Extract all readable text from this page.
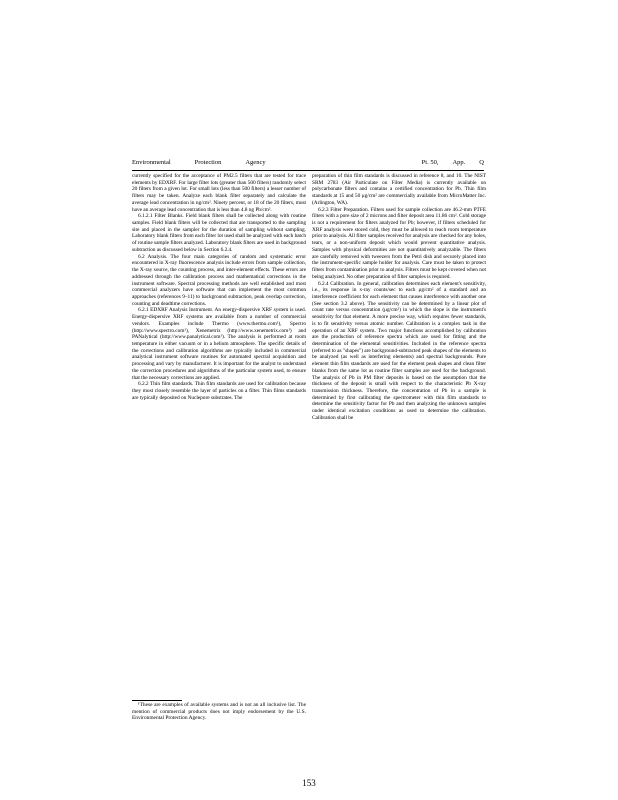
Environmental	Protection	Agency	Pt. 50, App. Q

currently specified for the acceptance of PM2.5 filters that are tested for trace elements by EDXRF. For large filter lots (greater than 500 filters) randomly select 20 filters from a given lot. For small lots (less than 500 filters) a lesser number of filters may be taken. Analyze each blank filter separately and calculate the average lead concentration in ng/cm². Ninety percent, or 18 of the 20 filters, must have an average lead concentration that is less than 4.8 ng Pb/cm².

6.1.2.1 Filter Blanks. Field blank filters shall be collected along with routine samples. Field blank filters will be collected that are transported to the sampling site and placed in the sampler for the duration of sampling without sampling. Laboratory blank filters from each filter lot used shall be analyzed with each batch of routine sample filters analyzed. Laboratory blank filters are used in background subtraction as discussed below in Section 6.2.4.

6.2 Analysis. The four main categories of random and systematic error encountered in X-ray fluorescence analysis include errors from sample collection, the X-ray source, the counting process, and inter-element effects. These errors are addressed through the calibration process and mathematical corrections in the instrument software. Spectral processing methods are well established and most commercial analyzers have software that can implement the most common approaches (references 9–11) to background subtraction, peak overlap correction, counting and deadtime corrections.

6.2.1 EDXRF Analysis Instrument. An energy-dispersive XRF system is used. Energy-dispersive XRF systems are available from a number of commercial vendors. Examples include Thermo (www.thermo.com¹), Spectro (http://www.spectro.com¹), Xenemetrix (http://www.xenemetrix.com¹) and PANalytical (http://www.panalytical.com¹). The analysis is performed at room temperature in either vacuum or in a helium atmosphere. The specific details of the corrections and calibration algorithms are typically included in commercial analytical instrument software routines for automated spectral acquisition and processing and vary by manufacturer. It is important for the analyst to understand the correction procedures and algorithms of the particular system used, to ensure that the necessary corrections are applied.

6.2.2 Thin film standards. Thin film standards are used for calibration because they most closely resemble the layer of particles on a filter. Thin films standards are typically deposited on Nuclepore substrates. The

¹These are examples of available systems and is not an all inclusive list. The mention of commercial products does not imply endorsement by the U.S. Environmental Protection Agency.

preparation of thin film standards is discussed in reference 8, and 10. The NIST SRM 2783 (Air Particulate on Filter Media) is currently available on polycarbonate filters and contains a certified concentration for Pb. Thin film standards at 15 and 50 μg/cm² are commercially available from MicroMatter Inc. (Arlington, WA).

6.2.3 Filter Preparation. Filters used for sample collection are 46.2-mm PTFE filters with a pore size of 2 microns and filter deposit area 11.86 cm². Cold storage is not a requirement for filters analyzed for Pb; however, if filters scheduled for XRF analysis were stored cold, they must be allowed to reach room temperature prior to analysis. All filter samples received for analysis are checked for any holes, tears, or a non-uniform deposit which would prevent quantitative analysis. Samples with physical deformities are not quantitatively analyzable. The filters are carefully removed with tweezers from the Petri dish and securely placed into the instrument-specific sample holder for analysis. Care must be taken to protect filters from contamination prior to analysis. Filters must be kept covered when not being analyzed. No other preparation of filter samples is required.

6.2.4 Calibration. In general, calibration determines each element's sensitivity, i.e., its response in x-ray counts/sec to each μg/cm² of a standard and an interference coefficient for each element that causes interference with another one (See section 3.2 above). The sensitivity can be determined by a linear plot of count rate versus concentration (μg/cm²) in which the slope is the instrument's sensitivity for that element. A more precise way, which requires fewer standards, is to fit sensitivity versus atomic number. Calibration is a complex task in the operation of an XRF system. Two major functions accomplished by calibration are the production of reference spectra which are used for fitting and the determination of the elemental sensitivities. Included in the reference spectra (referred to as "shapes") are background-subtracted peak shapes of the elements to be analyzed (as well as interfering elements) and spectral backgrounds. Pure element thin film standards are used for the element peak shapes and clean filter blanks from the same lot as routine filter samples are used for the background. The analysis of Pb in PM filter deposits is based on the assumption that the thickness of the deposit is small with respect to the characteristic Pb X-ray transmission thickness. Therefore, the concentration of Pb in a sample is determined by first calibrating the spectrometer with thin film standards to determine the sensitivity factor for Pb and then analyzing the unknown samples under identical excitation conditions as used to determine the calibration. Calibration shall be

153
